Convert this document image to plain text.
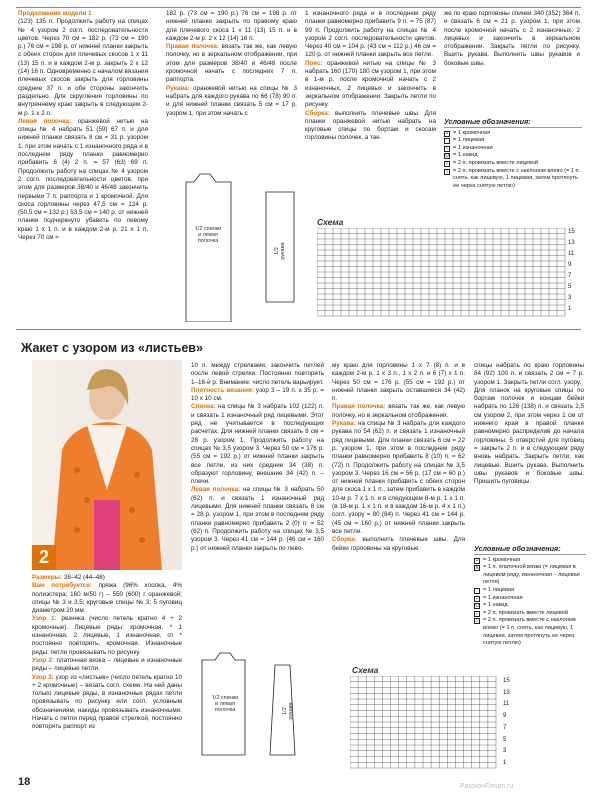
Продолжение модели 1

(123) 135 п. Продолжить работу на спицах № 4 узором 2 согл. последовательности цветов. Через 70 см = 182 р. (73 см = 190 р.) 76 см = 198 р. от нижней планки закрыть с обеих сторон для плечевых скосов 1 х 11 (13) 15 п. и в каждом 2-м р. закрыть 2 х 12 (14) 16 п. Одновременно с началом вязания плечевых скосов закрыть для горловины средние 37 п. и обе стороны закончить раздельно. Для скругления горловины по внутреннему краю закрыть в следующем 2-м р. 1 х 2 п.

Левая полочка: оранжевой нитью на спицы № 4 набрать 51 (59) 67 п. и для нижней планки связать 8 см = 31 р. узором 1, при этом начать с 1 изнаночного ряда и в последнем ряду планки равномерно прибавить 6 (4) 2 п. = 57 (63) 69 п. Продолжить работу на спицах № 4 узором 2 согл. последовательности цветов, при этом для размеров 38/40 и 46/48 закончить первыми 7 п. раппорта и 1 кромочной. Для скоса горловины через 47,5 см = 124 р. (50,5 см = 132 р.) 53,5 см = 140 р. от нижней планки подчеркнуто убавить по левому краю 1 х 1 п. и в каждом 2-м р. 21 х 1 п. Через 70 см =

182 р. (73 см = 190 р.) 76 см = 198 р. от нижней планки закрыть по правому краю для плечевого скоса 1 х 11 (13) 15 п. и в каждом 2-м р. 2 х 12 (14) 16 п.

Правая полочка: вязать так же, как левую полочку, но в зеркальном отображении, при этом для размеров 38/40 и 46/48 после кромочной начать с последних 7 п. раппорта.

Рукава: оранжевой нитью на спицы № 3 набрать для каждого рукава по 66 (78) 90 п. и для нижней планки связать 5 см = 17 р. узором 1, при этом начать с

1 изнаночного ряда и в последнем ряду планки равномерно прибавить 9 п. = 75 (87) 99 п. Продолжить работу на спицах № 4 узором 2 согл. последовательности цветов. Через 40 см = 104 р. (43 см = 112 р.) 46 см = 120 р. от нижней планки закрыть все петли.

Пояс: оранжевой нитью на спицы № 3 набрать 160 (170) 180 см узором 1, при этом в 1-м р. после кромочной начать с 2 изнаночных, 2 лицевых и закончить в зеркальном отображении. Закрыть петли по рисунку.

Сборка: выполнить плечевые швы. Для планки оранжевой нитью набрать на круговые спицы по бортам и скосам горловины полочек, а так-

же по краю горловины спинки 340 (352) 364 п. и связать 6 см = 21 р. узором 1, при этом после кромочной начать с 2 изнаночных, 2 лицевых и закончить в зеркальном отображении. Закрыть петли по рисунку. Вшить рукава. Выполнить швы рукавов и боковые швы.

Условные обозначения:
• = 1 кромочная
= 1 лицевая
– = 1 изнаночная
U = 1 накид
/ = 2 п. провязать вместе лицевой
\ = 2 п. провязать вместе с наклоном влево (= 1 п. снять, как лицевую, 1 лицевая, затем протянуть ее через снятую петлю)
1/2 спинки и левая полочка
1/2 рукава
Схема
15
13
11
9
7
5
3
1
Жакет с узором из «листьев»
2

Размеры: 38–42 (44–48)

Вам потребуется: пряжа (96% хлопка, 4% полиэстера; 160 м/50 г) – 550 (600) г оранжевой; спицы № 3 и 3,5; круговые спицы № 3; 5 пуговиц диаметром 20 мм.

Узор 1: резинка (число петель кратно 4 + 2 кромочные). Лицевые ряды: кромочная, * 1 изнаночная, 2 лицевые, 1 изнаночная, от * постоянно повторять, кромочная. Изнаночные ряды: петли провязывать по рисунку.

Узор 2: платочная вязка – лицевые и изнаночные ряды – лицевые петли.

Узор 3: узор из «листьев» (число петель кратно 10 + 2 кромочные) – вязать согл. схеме. На ней даны только лицевые ряды, в изнаночных рядах петли провязывать по рисунку или согл. условным обозначениям, накиды провязывать изнаночными. Начать с петли перед правой стрелкой, постоянно повторять раппорт из

10 п. между стрелками, закончить петлей после левой стрелки. Постоянно повторять 1–16-й р. Внимание: число петель варьирует.

Плотность вязания: узор 3 – 19 п. х 35 р. = 10 х 10 см.

Спинка: на спицы № 3 набрать 102 (122) п. и связать 1 изнаночный ряд лицевыми. Этот ряд не учитывается в последующих расчетах. Для нижней планки связать 8 см = 28 р. узором 1. Продолжить работу на спицах № 3,5 узором 3. Через 50 см = 176 р. (55 см = 192 р.) от нижней планки закрыть все петли, из них средние 34 (38) п. образуют горловину, внешние 34 (42) п. – плечи.

Левая полочка: на спицы № 3 набрать 50 (62) п. и связать 1 изнаночный ряд лицевыми. Для нижней планки связать 8 см = 28 р. узором 1, при этом в последнем ряду планки равномерно прибавить 2 (0) п. = 52 (62) п. Продолжить работу на спицах № 3,5 узором 3. Через 41 см = 144 р. (46 см = 160 р.) от нижней планки закрыть по лево-

му краю для горловины 1 х 7 (8) п. и в каждом 2-м р. 1 х 3 п., 1 х 2 п. и 6 (7) х 1 п. Через 50 см = 176 р. (55 см = 192 р.) от нижней планки закрыть оставшиеся 34 (42) п.

Правая полочка: вязать так же, как левую полочку, но в зеркальном отображении.

Рукава: на спицы № 3 набрать для каждого рукава по 54 (62) п. и связать 1 изнаночный ряд лицевыми. Для планки связать 6 см = 22 р. узором 1, при этом в последнем ряду планки равномерно прибавить 8 (10) п. = 62 (72) п. Продолжить работу на спицах № 3,5 узором 3. Через 16 см = 56 р. (17 см = 60 р.) от нижней планки прибавить с обеих сторон для скоса 1 х 1 п., затем прибавить в каждом 10-м р. 7 х 1 п. и в следующем 8-м р. 1 х 1 п. (в 18-м р. 1 х 1 п. и в каждом 16-м р. 4 х 1 п.) согл. узору = 80 (84) п. Через 41 см = 144 р. (45 см = 160 р.) от нижней планки закрыть все петли.

Сборка: выполнить плечевые швы. Для бейки горловины на круговые

спицы набрать по краю горловины 84 (92) 100 п. и связать 2 см = 7 р. узором 1. Закрыть петли согл. узору.

Для планок на круговые спицы по бортам полочек и концам бейки набрать по 126 (138) п. и связать 2,5 см узором 2, при этом через 1 см от нижнего края в правой планке равномерно распределив до начала горловины, 5 отверстий для пуговиц = закрыть 2 п. и в следующем ряду вновь набрать. Закрыть петли, как лицевые. Вшить рукава. Выполнить швы рукавов и боковые швы. Пришить пуговицы.

Условные обозначения:
• = 1 кромочная
X = 1 п. платочной вязки (= лицевая в лицевом ряду, изнаночная – лицевая петля)
= 1 лицевая
– = 1 изнаночная
U = 1 накид
/ = 2 п. провязать вместе лицевой
\ = 2 п. провязать вместе с наклоном влево (= 1 п. снять, как лицевую, 1 лицевая, затем протянуть ее через снятую петлю)
1/2 спинки и левая полочка	1/2 рукава
Схема
15
13
11
9
7
5
3
1
18	PassionForum.ru
